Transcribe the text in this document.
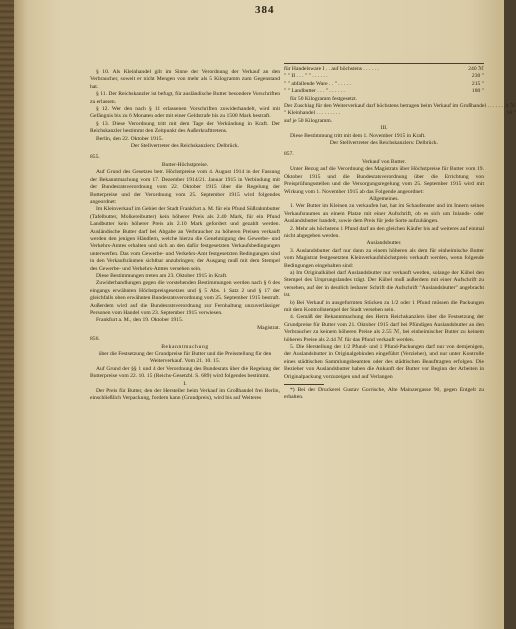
384

§ 10. Als Kleinhandel gilt im Sinne der Verordnung der Verkauf an den Verbraucher, soweit er nicht Mengen von mehr als 5 Kilogramm zum Gegenstand hat.

§ 11. Der Reichskanzler ist befugt, für ausländische Butter besondere Vorschriften zu erlassen.

§ 12. Wer den nach § 11 erlassenen Vorschriften zuwiderhandelt, wird mit Gefängnis bis zu 6 Monaten oder mit einer Geldstrafe bis zu 1500 Mark bestraft.

§ 13. Diese Verordnung tritt mit dem Tage der Verkündung in Kraft. Der Reichskanzler bestimmt den Zeitpunkt des Außerkrafttretens.

Berlin, den 22. Oktober 1915.

Der Stellvertreter des Reichskanzlers: Delbrück.

855.

Butter-Höchstpreise.

Auf Grund des Gesetzes betr. Höchstpreise vom 4. August 1914 in der Fassung der Bekanntmachung vom 17. Dezember 1914/21. Januar 1915 in Verbindung mit der Bundesratsverordnung vom 22. Oktober 1915 über die Regelung der Butterpreise und der Verordnung vom 25. September 1915 wird folgendes angeordnet:

Im Kleinverkauf im Gebiet der Stadt Frankfurt a. M. für ein Pfund Süßrahmbutter (Tafelbutter, Molkereibutter) kein höherer Preis als 2.40 Mark, für ein Pfund Landbutter kein höherer Preis als 2.10 Mark gefordert und gezahlt werden. Ausländische Butter darf bei Abgabe an Verbraucher zu höheren Preisen verkauft werden den jenigen Händlern, welche hierzu die Genehmigung des Gewerbe- und Verkehrs-Amtes erhalten und sich an den dafür festgesetzten Verkaufsbedingungen unterwerfen. Das vom Gewerbe- und Verkehrs-Amt festgesetzten Bedingungen sind in den Verkaufsräumen sichtbar anzubringen; der Ausgang muß mit dem Stempel des Gewerbe- und Verkehrs-Amtes versehen sein.

Diese Bestimmungen treten am 23. Oktober 1915 in Kraft.

Zuwiderhandlungen gegen die vorstehenden Bestimmungen werden nach § 6 des eingangs erwähnten Höchstpreisgesetzes und § 5 Abs. 1 Satz 2 und § 17 der gleichfalls oben erwähnten Bundesratsverordnung vom 25. September 1915 bestraft. Außerdem wird auf die Bundesratsverordnung zur Fernhaltung unzuverlässiger Personen vom Handel vom 23. September 1915 verwiesen.

Frankfurt a. M., den 19. Oktober 1915.

Magistrat.

856.

Bekanntmachung

über die Festsetzung der Grundpreise für Butter und die Preisstellung für den Weiterverkauf. Vom 21. 10. 15.

Auf Grund der §§ 1 und 4 der Verordnung des Bundesrats über die Regelung der Butterpreise vom 22. 10. 15 (Reichs-Gesetzbl. S. 689) wird folgendes bestimmt.

I.

Der Preis für Butter, den der Hersteller beim Verkauf im Großhandel frei Berlin, einschließlich Verpackung, fordern kann (Grundpreis), wird bis auf Weiteres

für Handelsware I . . auf höchstens . . . . . .	240 ℳ
" " II . . . " " . . . . . .	230 "
" " abfallende Ware . . " . . . . .	215 "
" " Landbutter . . . " . . . . . .	180 "

für 50 Kilogramm festgesetzt.

Der Zuschlag für den Weiterverkauf darf höchstens betragen beim Verkauf im Großhandel . . . . . . .	4 ℳ
" Kleinhandel . . . . . . . . .	10 "

auf je 50 Kilogramm.

III.

Diese Bestimmung tritt mit dem 1. November 1915 in Kraft.

Der Stellvertreter des Reichskanzlers: Delbrück.

857.

Verkauf von Butter.

Unter Bezug auf die Verordnung des Magistrats über Höchstpreise für Butter vom 19. Oktober 1915 und die Bundesratsverordnung über die Errichtung von Preisprüfungsstellen und die Versorgungsregelung vom 25. September 1915 wird mit Wirkung vom 1. November 1915 ab das Folgende angeordnet:

Allgemeines.

1. Wer Butter im Kleinen zu verkaufen hat, hat im Schaufenster und im Innern seines Verkaufsraumes an einem Platze mit einer Aufschrift, ob es sich um Inlands- oder Auslandsbutter handelt, sowie dem Preis für jede Sorte aufzuhängen.

2. Mehr als höchstens 1 Pfund darf an den gleichen Käufer bis auf weiteres auf einmal nicht abgegeben werden.

Auslandsbutter.

3. Auslandsbutter darf nur dann zu einem höheren als dem für einheimische Butter vom Magistrat festgesetzten Kleinverkaufshöchstpreis verkauft werden, wenn folgende Bedingungen eingehalten sind:

a) Im Originalkübel darf Auslandsbutter nur verkauft werden, solange der Kübel den Stempel des Ursprungslandes trägt. Der Kübel muß außerdem mit einer Aufschrift zu versehen, auf der in deutlich lesbarer Schrift die Aufschrift "Auslandsbutter" angebracht ist.

b) Bei Verkauf in ausgeformten Stücken zu 1/2 oder 1 Pfund müssen die Packungen mit dem Kontrollstempel der Stadt versehen sein.

4. Gemäß der Bekanntmachung des Herrn Reichskanzlers über die Festsetzung der Grundpreise für Butter vom 21. Oktober 1915 darf bei Pfündigen Auslandsbutter an den Verbraucher zu keinem höheren Preise als 2.55 ℳ, bei einheimischer Butter zu keinem höheren Preise als 2.44 ℳ für das Pfund verkauft werden.

5. Die Herstellung der 1/2 Pfund- und 1 Pfund-Packungen darf nur von demjenigen, der Auslandsbutter in Originalgebinden eingeführt (Verzieher), und nur unter Kontrolle eines städtischen Sammlungsbeamten oder des städtischen Beauftragten erfolgen. Die Bezieher von Auslandsbutter haben die Ankunft der Butter vor Beginn der Arbeiten in Originalpackung vorzuzeigen und auf Verlangen

*) Bei der Druckerei Gustav Gorrische, Alte Mainzergasse 90, gegen Entgelt zu erhalten.
